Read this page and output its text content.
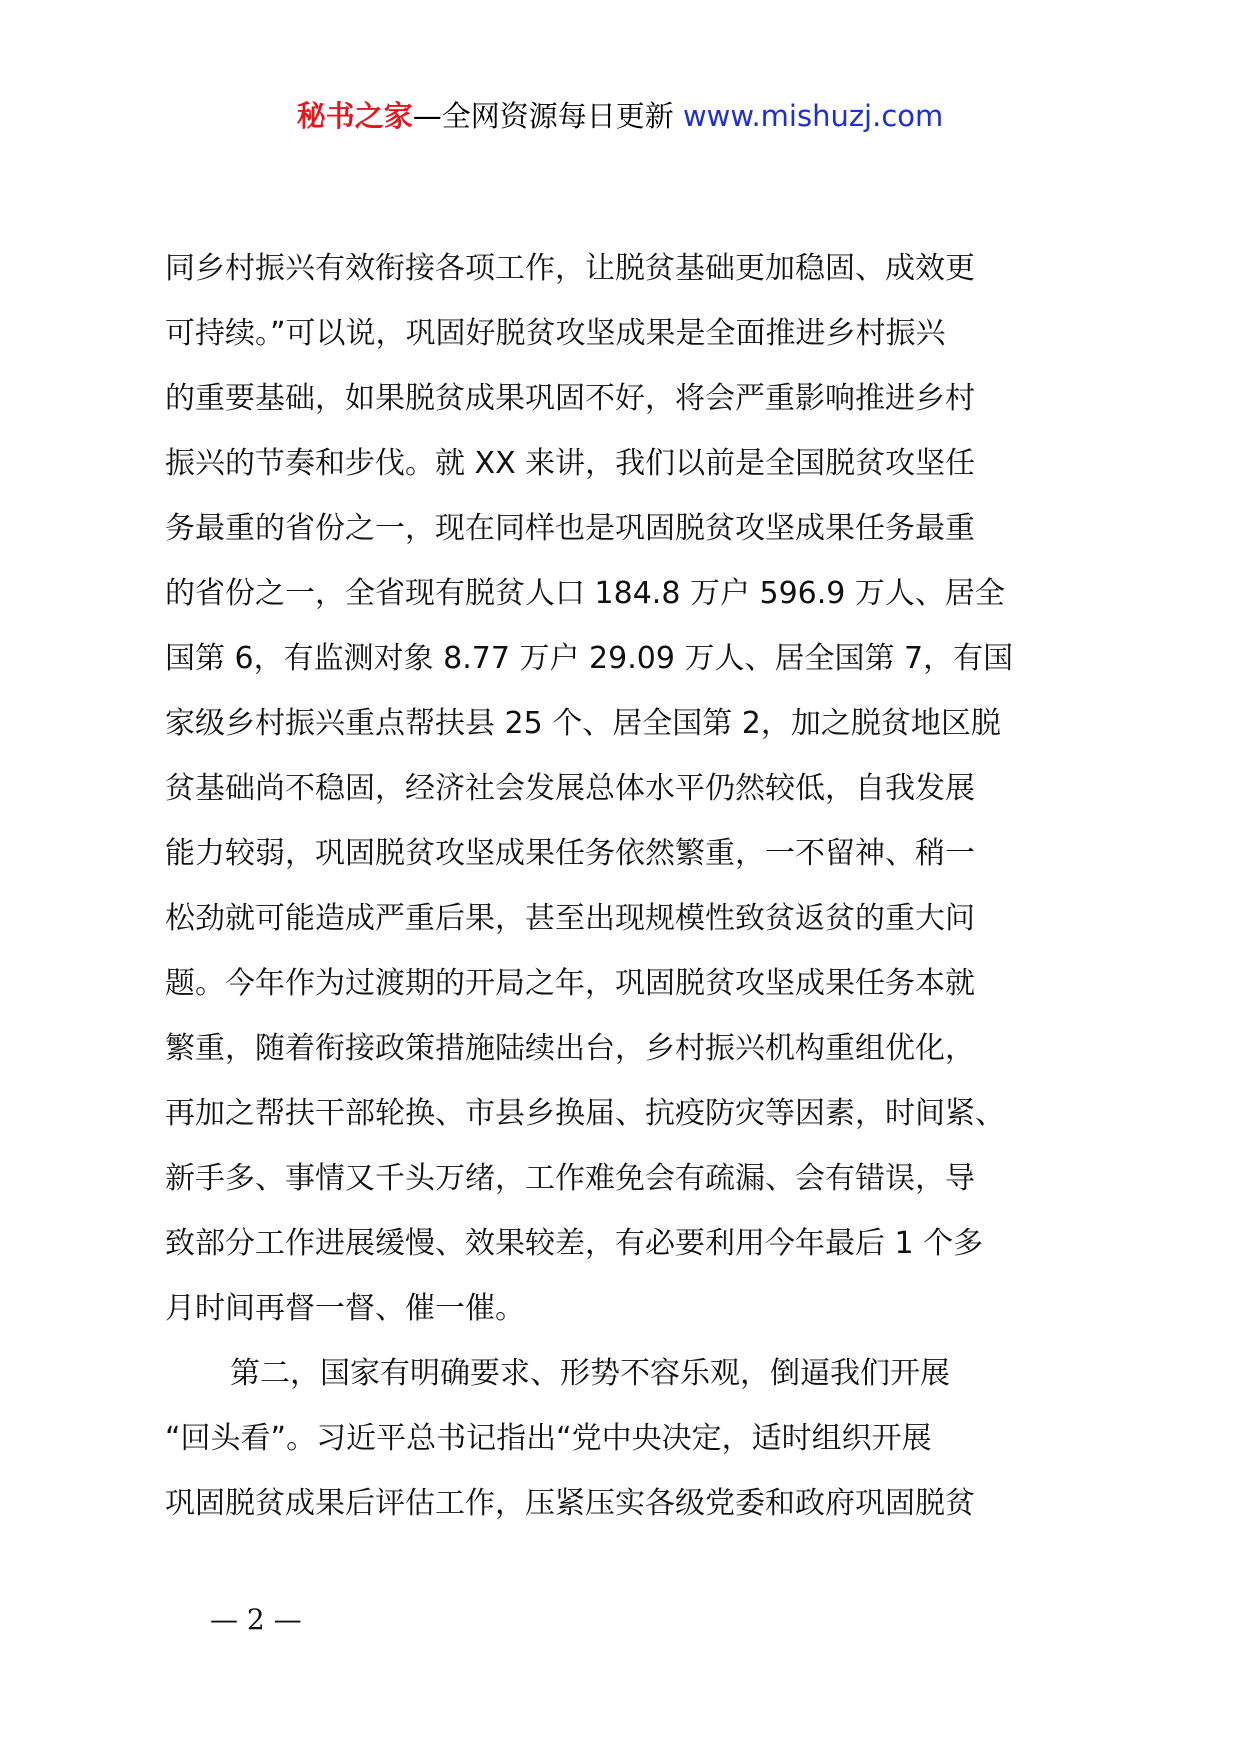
秘书之家—全网资源每日更新 www.mishuzj.com
同乡村振兴有效衔接各项工作，让脱贫基础更加稳固、成效更
可持续。”可以说，巩固好脱贫攻坚成果是全面推进乡村振兴
的重要基础，如果脱贫成果巩固不好，将会严重影响推进乡村
振兴的节奏和步伐。就 XX 来讲，我们以前是全国脱贫攻坚任
务最重的省份之一，现在同样也是巩固脱贫攻坚成果任务最重
的省份之一，全省现有脱贫人口 184.8 万户 596.9 万人、居全
国第 6，有监测对象 8.77 万户 29.09 万人、居全国第 7，有国
家级乡村振兴重点帮扶县 25 个、居全国第 2，加之脱贫地区脱
贫基础尚不稳固，经济社会发展总体水平仍然较低，自我发展
能力较弱，巩固脱贫攻坚成果任务依然繁重，一不留神、稍一
松劲就可能造成严重后果，甚至出现规模性致贫返贫的重大问
题。今年作为过渡期的开局之年，巩固脱贫攻坚成果任务本就
繁重，随着衔接政策措施陆续出台，乡村振兴机构重组优化，
再加之帮扶干部轮换、市县乡换届、抗疫防灾等因素，时间紧、
新手多、事情又千头万绪，工作难免会有疏漏、会有错误，导
致部分工作进展缓慢、效果较差，有必要利用今年最后 1 个多
月时间再督一督、催一催。
第二，国家有明确要求、形势不容乐观，倒逼我们开展
“回头看”。习近平总书记指出“党中央决定，适时组织开展
巩固脱贫成果后评估工作，压紧压实各级党委和政府巩固脱贫
— 2 —
